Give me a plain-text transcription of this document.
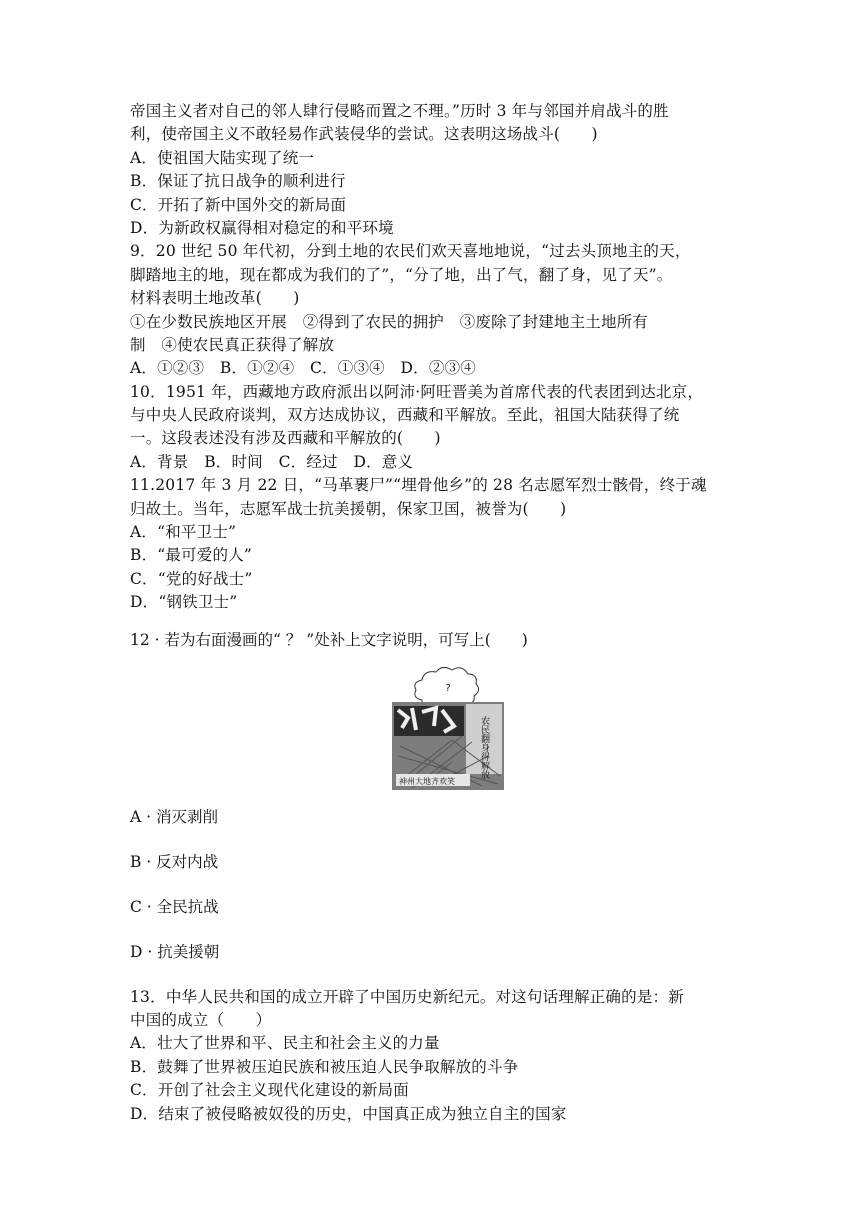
帝国主义者对自己的邻人肆行侵略而置之不理。”历时 3 年与邻国并肩战斗的胜
利，使帝国主义不敢轻易作武装侵华的尝试。这表明这场战斗(　　)
A．使祖国大陆实现了统一
B．保证了抗日战争的顺利进行
C．开拓了新中国外交的新局面
D．为新政权赢得相对稳定的和平环境
9．20 世纪 50 年代初，分到土地的农民们欢天喜地地说，“过去头顶地主的天，
脚踏地主的地，现在都成为我们的了”，“分了地，出了气，翻了身，见了天”。
材料表明土地改革(　　)
①在少数民族地区开展　②得到了农民的拥护　③废除了封建地主土地所有
制　④使农民真正获得了解放
A．①②③　B．①②④　C．①③④　D．②③④
10．1951 年，西藏地方政府派出以阿沛·阿旺晋美为首席代表的代表团到达北京，
与中央人民政府谈判，双方达成协议，西藏和平解放。至此，祖国大陆获得了统
一。这段表述没有涉及西藏和平解放的(　　)
A．背景　B．时间　C．经过　D．意义
11.2017 年 3 月 22 日，“马革裹尸”“埋骨他乡”的 28 名志愿军烈士骸骨，终于魂
归故土。当年，志愿军战士抗美援朝，保家卫国，被誉为(　　)
A．“和平卫士”
B．“最可爱的人”
C．“党的好战士”
D．“钢铁卫士”
12 · 若为右面漫画的“ ？ ”处补上文字说明，可写上(　　)
?
农民翻身得解放
神州大地齐欢笑
A · 消灭剥削
B · 反对内战
C · 全民抗战
D · 抗美援朝
13．中华人民共和国的成立开辟了中国历史新纪元。对这句话理解正确的是：新
中国的成立（　　）
A．壮大了世界和平、民主和社会主义的力量
B．鼓舞了世界被压迫民族和被压迫人民争取解放的斗争
C．开创了社会主义现代化建设的新局面
D．结束了被侵略被奴役的历史，中国真正成为独立自主的国家
